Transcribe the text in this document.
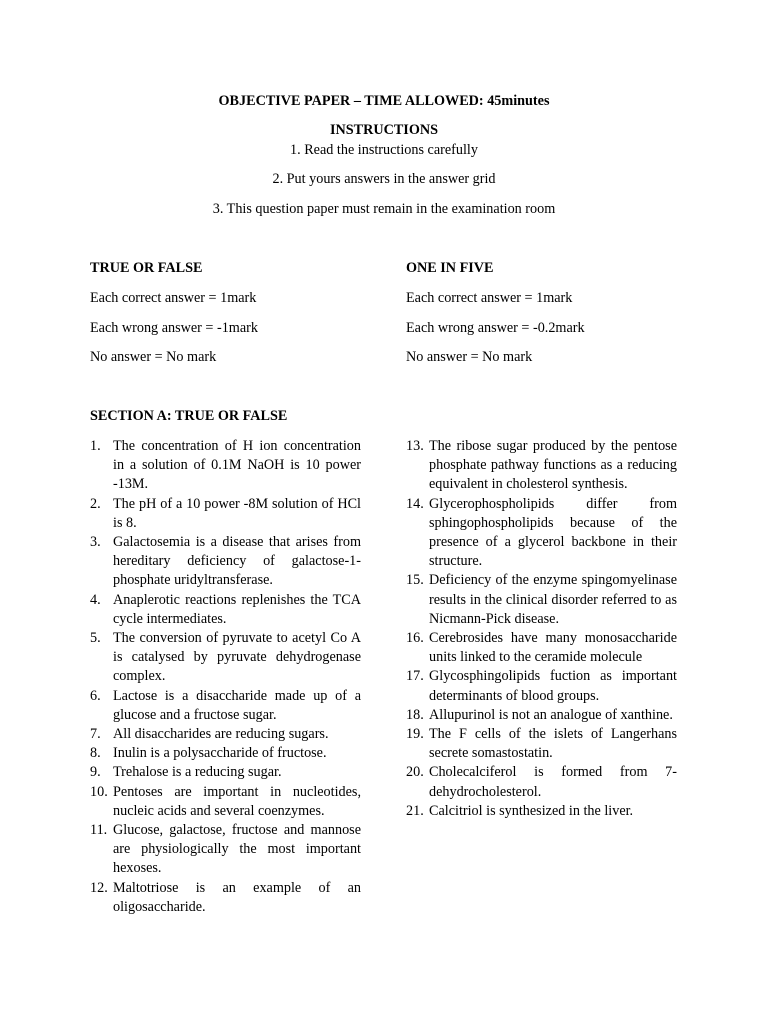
OBJECTIVE PAPER – TIME ALLOWED: 45minutes
INSTRUCTIONS
1. Read the instructions carefully
2. Put yours answers in the answer grid
3. This question paper must remain in the examination room
TRUE OR FALSE
Each correct answer = 1mark
Each wrong answer = -1mark
No answer = No mark
ONE IN FIVE
Each correct answer = 1mark
Each wrong answer = -0.2mark
No answer = No mark
SECTION A: TRUE OR FALSE
1. The concentration of H ion concentration in a solution of 0.1M NaOH is 10 power -13M.
2. The pH of a 10 power -8M solution of HCl is 8.
3. Galactosemia is a disease that arises from hereditary deficiency of galactose-1-phosphate uridyltransferase.
4. Anaplerotic reactions replenishes the TCA cycle intermediates.
5. The conversion of pyruvate to acetyl Co A is catalysed by pyruvate dehydrogenase complex.
6. Lactose is a disaccharide made up of a glucose and a fructose sugar.
7. All disaccharides are reducing sugars.
8. Inulin is a polysaccharide of fructose.
9. Trehalose is a reducing sugar.
10. Pentoses are important in nucleotides, nucleic acids and several coenzymes.
11. Glucose, galactose, fructose and mannose are physiologically the most important hexoses.
12. Maltotriose is an example of an oligosaccharide.
13. The ribose sugar produced by the pentose phosphate pathway functions as a reducing equivalent in cholesterol synthesis.
14. Glycerophospholipids differ from sphingophospholipids because of the presence of a glycerol backbone in their structure.
15. Deficiency of the enzyme spingomyelinase results in the clinical disorder referred to as Nicmann-Pick disease.
16. Cerebrosides have many monosaccharide units linked to the ceramide molecule
17. Glycosphingolipids fuction as important determinants of blood groups.
18. Allupurinol is not an analogue of xanthine.
19. The F cells of the islets of Langerhans secrete somastostatin.
20. Cholecalciferol is formed from 7-dehydrocholesterol.
21. Calcitriol is synthesized in the liver.
